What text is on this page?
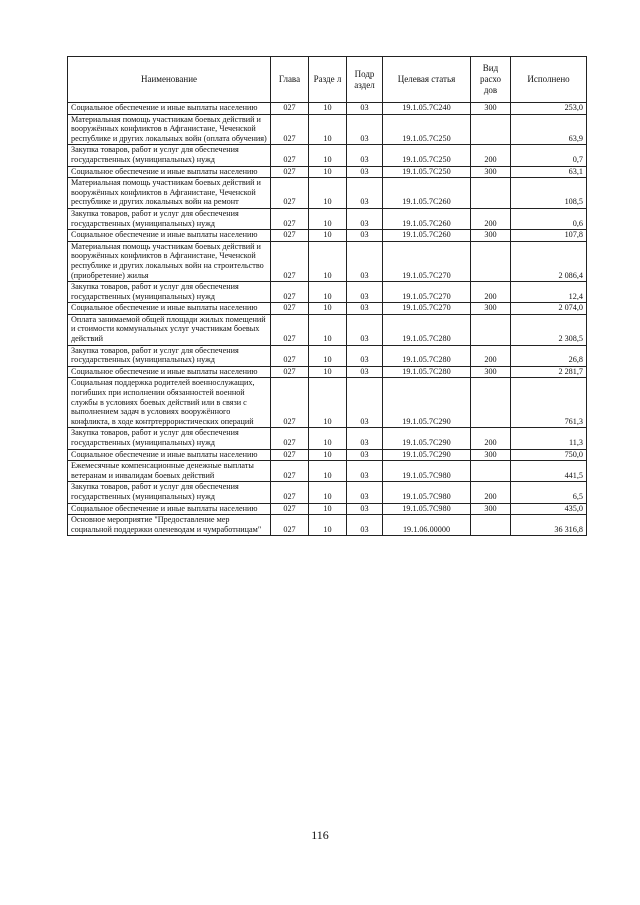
Наименование	Глава	Разде л	Подр аздел	Целевая статья	Вид расхо дов	Исполнено
Социальное обеспечение и иные выплаты населению	027	10	03	19.1.05.7С240	300	253,0
Материальная помощь участникам боевых действий и вооружённых конфликтов в Афганистане, Чеченской республике и других локальных войн (оплата обучения)	027	10	03	19.1.05.7С250		63,9
Закупка товаров, работ и услуг для обеспечения государственных (муниципальных) нужд	027	10	03	19.1.05.7С250	200	0,7
Социальное обеспечение и иные выплаты населению	027	10	03	19.1.05.7С250	300	63,1
Материальная помощь участникам боевых действий и вооружённых конфликтов в Афганистане, Чеченской республике и других локальных войн на ремонт	027	10	03	19.1.05.7С260		108,5
Закупка товаров, работ и услуг для обеспечения государственных (муниципальных) нужд	027	10	03	19.1.05.7С260	200	0,6
Социальное обеспечение и иные выплаты населению	027	10	03	19.1.05.7С260	300	107,8
Материальная помощь участникам боевых действий и вооружённых конфликтов в Афганистане, Чеченской республике и других локальных войн на строительство (приобретение) жилья	027	10	03	19.1.05.7С270		2 086,4
Закупка товаров, работ и услуг для обеспечения государственных (муниципальных) нужд	027	10	03	19.1.05.7С270	200	12,4
Социальное обеспечение и иные выплаты населению	027	10	03	19.1.05.7С270	300	2 074,0
Оплата занимаемой общей площади жилых помещений и стоимости коммунальных услуг участникам боевых действий	027	10	03	19.1.05.7С280		2 308,5
Закупка товаров, работ и услуг для обеспечения государственных (муниципальных) нужд	027	10	03	19.1.05.7С280	200	26,8
Социальное обеспечение и иные выплаты населению	027	10	03	19.1.05.7С280	300	2 281,7
Социальная поддержка родителей военнослужащих, погибших при исполнении обязанностей военной службы в условиях боевых действий или в связи с выполнением задач в условиях вооружённого конфликта, в ходе контртеррористических операций	027	10	03	19.1.05.7С290		761,3
Закупка товаров, работ и услуг для обеспечения государственных (муниципальных) нужд	027	10	03	19.1.05.7С290	200	11,3
Социальное обеспечение и иные выплаты населению	027	10	03	19.1.05.7С290	300	750,0
Ежемесячные компенсационные денежные выплаты ветеранам и инвалидам боевых действий	027	10	03	19.1.05.7С980		441,5
Закупка товаров, работ и услуг для обеспечения государственных (муниципальных) нужд	027	10	03	19.1.05.7С980	200	6,5
Социальное обеспечение и иные выплаты населению	027	10	03	19.1.05.7С980	300	435,0
Основное мероприятие "Предоставление мер социальной поддержки оленеводам и чумработницам"	027	10	03	19.1.06.00000		36 316,8
116
